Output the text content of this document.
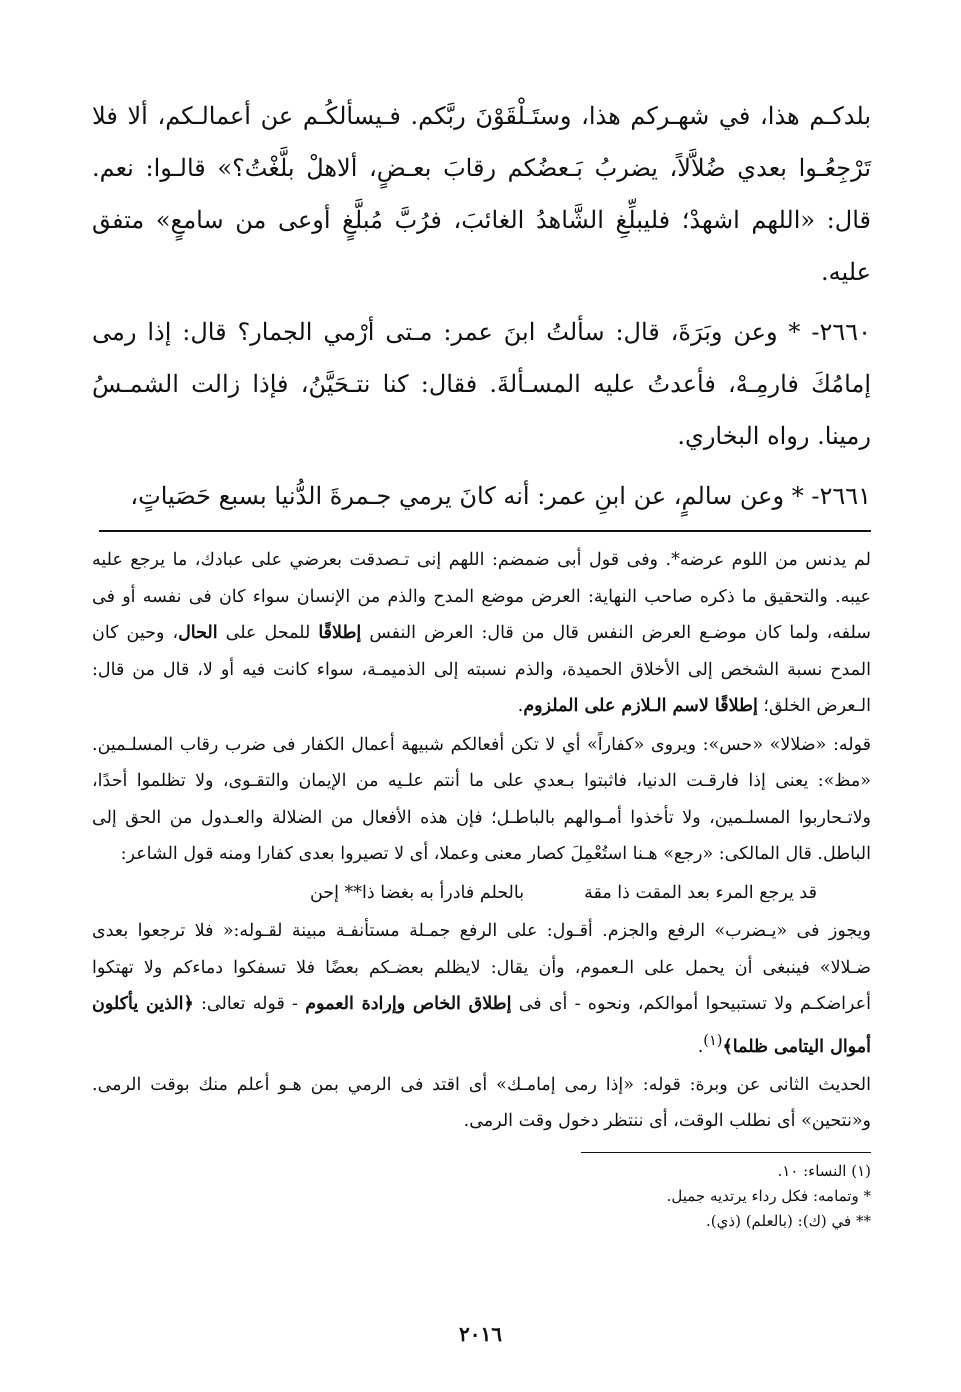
بلدكـم هذا، في شهـركم هذا، وستَـلْقَوْنَ ربَّكم. فـيسألكُـم عن أعمالـكم، ألا فلا تَرْجِعُـوا بعدي ضُلاَّلاً، يضربُ بَـعضُكم رقابَ بعـضٍ، ألاهلْ بلَّغْتُ؟» قالـوا: نعم. قال: «اللهم اشهدْ؛ فليبلِّغِ الشَّاهدُ الغائبَ، فرُبَّ مُبلَّغٍ أوعى من سامعٍ» متفق عليه.

٢٦٦٠- * وعن وبَرَةَ، قال: سألتُ ابنَ عمر: مـتى أرْمي الجمار؟ قال: إذا رمى إمامُكَ فارمِـهْ، فأعدتُ عليه المسـألةَ. فقال: كنا نتـحَيَّنُ، فإذا زالت الشمـسُ رمينا. رواه البخاري.

٢٦٦١- * وعن سالمٍ، عن ابنِ عمر: أنه كانَ يرمي جـمرةَ الدُّنيا بسبع حَصَياتٍ،

لم يدنس من اللوم عرضه*. وفى قول أبى ضمضم: اللهم إنى تـصدقت بعرضي على عبادك، ما يرجع عليه عيبه. والتحقيق ما ذكره صاحب النهاية: العرض موضع المدح والذم من الإنسان سواء كان فى نفسه أو فى سلفه، ولما كان موضـع العرض النفس قال من قال: العرض النفس إطلاقًا للمحل على الحال، وحين كان المدح نسبة الشخص إلى الأخلاق الحميدة، والذم نسبته إلى الذميمـة، سواء كانت فيه أو لا، قال من قال: الـعرض الخلق؛ إطلاقًا لاسم الـلازم على الملزوم.

قوله: «ضلالا» «حس»: ويروى «كفاراً» أي لا تكن أفعالكم شبيهة أعمال الكفار فى ضرب رقاب المسلـمين. «مظ»: يعنى إذا فارقـت الدنيا، فاثبتوا بـعدي على ما أنتم علـيه من الإيمان والتقـوى، ولا تظلموا أحدًا، ولاتـحاربوا المسلـمين، ولا تأخذوا أمـوالهم بالباطـل؛ فإن هذه الأفعال من الضلالة والعـدول من الحق إلى الباطل. قال المالكى: «رجع» هـنا استُعْمِلَ كصار معنى وعملا، أى لا تصيروا بعدى كفارا ومنه قول الشاعر:

قد يرجع المرء بعد المقت ذا مقة
بالحلم فادرأ به بغضا ذا** إحن

ويجوز فى «يـضرب» الرفع والجزم. أقـول: على الرفع جمـلة مستأنفـة مبينة لقـوله:« فلا ترجعوا بعدى ضـلالا» فينبغى أن يحمل على الـعموم، وأن يقال: لايظلم بعضـكم بعضًا فلا تسفكوا دماءكم ولا تهتكوا أعراضكـم ولا تستبيحوا أموالكم، ونحوه - أى فى إطلاق الخاص وإرادة العموم - قوله تعالى: ﴿الذين يأكلون أموال اليتامى ظلما﴾$^{(١)}$.

الحديث الثانى عن وبرة: قوله: «إذا رمى إمامـك» أى اقتد فى الرمي بمن هـو أعلم منك بوقت الرمى. و«نتحين» أى نطلب الوقت، أى ننتظر دخول وقت الرمى.

(١) النساء: ١٠.
* وتمامه: فكل رداء يرتديه جميل.
** في (ك): (بالعلم) (ذي).
٢٠١٦
